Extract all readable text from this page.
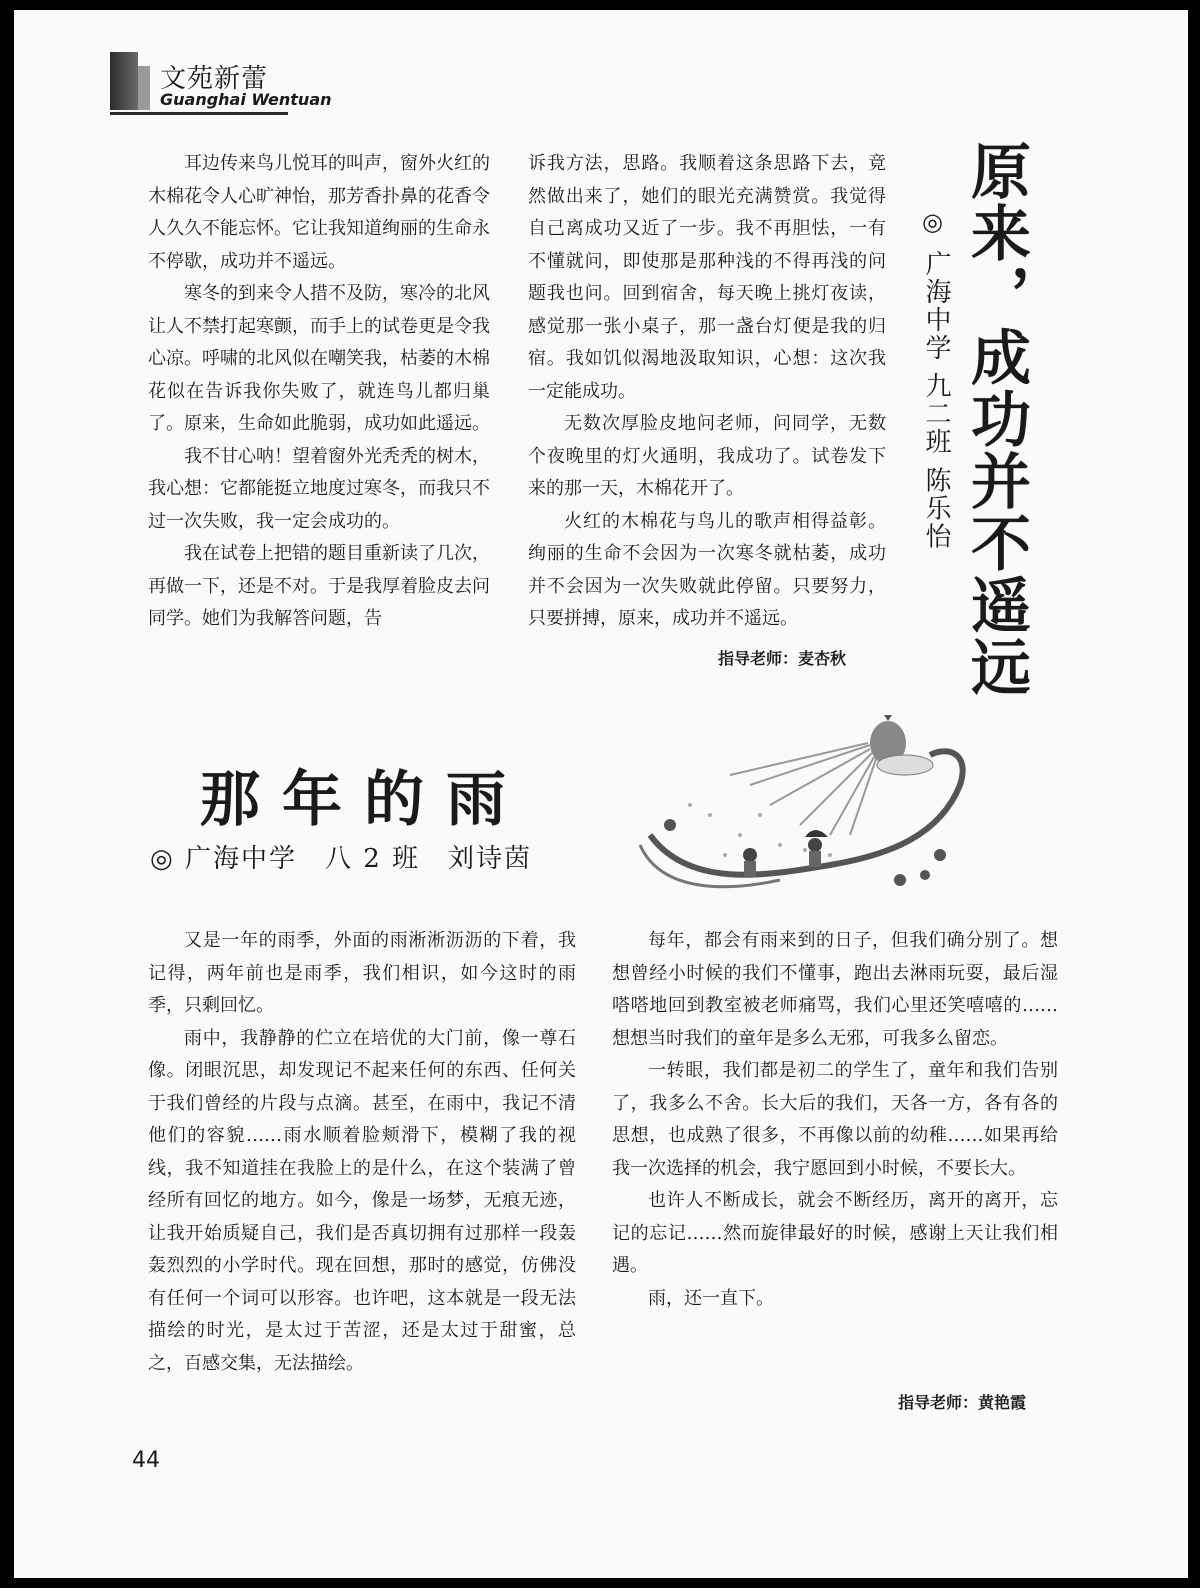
文苑新蕾
Guanghai Wentuan

耳边传来鸟儿悦耳的叫声，窗外火红的木棉花令人心旷神怡，那芳香扑鼻的花香令人久久不能忘怀。它让我知道绚丽的生命永不停歇，成功并不遥远。

寒冬的到来令人措不及防，寒冷的北风让人不禁打起寒颤，而手上的试卷更是令我心凉。呼啸的北风似在嘲笑我，枯萎的木棉花似在告诉我你失败了，就连鸟儿都归巢了。原来，生命如此脆弱，成功如此遥远。

我不甘心呐！望着窗外光秃秃的树木，我心想：它都能挺立地度过寒冬，而我只不过一次失败，我一定会成功的。

我在试卷上把错的题目重新读了几次，再做一下，还是不对。于是我厚着脸皮去问同学。她们为我解答问题，告

诉我方法，思路。我顺着这条思路下去，竟然做出来了，她们的眼光充满赞赏。我觉得自己离成功又近了一步。我不再胆怯，一有不懂就问，即使那是那种浅的不得再浅的问题我也问。回到宿舍，每天晚上挑灯夜读，感觉那一张小桌子，那一盏台灯便是我的归宿。我如饥似渴地汲取知识，心想：这次我一定能成功。

无数次厚脸皮地问老师，问同学，无数个夜晚里的灯火通明，我成功了。试卷发下来的那一天，木棉花开了。

火红的木棉花与鸟儿的歌声相得益彰。绚丽的生命不会因为一次寒冬就枯萎，成功并不会因为一次失败就此停留。只要努力，只要拼搏，原来，成功并不遥远。

指导老师：麦杏秋 原来，成功并不遥远
◎
广海中学 九二班 陈乐怡
那年的雨
◎ 广海中学　八 2 班　刘诗茵

又是一年的雨季，外面的雨淅淅沥沥的下着，我记得，两年前也是雨季，我们相识，如今这时的雨季，只剩回忆。

雨中，我静静的伫立在培优的大门前，像一尊石像。闭眼沉思，却发现记不起来任何的东西、任何关于我们曾经的片段与点滴。甚至，在雨中，我记不清他们的容貌……雨水顺着脸颊滑下，模糊了我的视线，我不知道挂在我脸上的是什么，在这个装满了曾经所有回忆的地方。如今，像是一场梦，无痕无迹，让我开始质疑自己，我们是否真切拥有过那样一段轰轰烈烈的小学时代。现在回想，那时的感觉，仿佛没有任何一个词可以形容。也许吧，这本就是一段无法描绘的时光，是太过于苦涩，还是太过于甜蜜，总之，百感交集，无法描绘。

每年，都会有雨来到的日子，但我们确分别了。想想曾经小时候的我们不懂事，跑出去淋雨玩耍，最后湿嗒嗒地回到教室被老师痛骂，我们心里还笑嘻嘻的……想想当时我们的童年是多么无邪，可我多么留恋。

一转眼，我们都是初二的学生了，童年和我们告别了，我多么不舍。长大后的我们，天各一方，各有各的思想，也成熟了很多，不再像以前的幼稚……如果再给我一次选择的机会，我宁愿回到小时候，不要长大。

也许人不断成长，就会不断经历，离开的离开，忘记的忘记……然而旋律最好的时候，感谢上天让我们相遇。

雨，还一直下。

指导老师：黄艳霞
44
